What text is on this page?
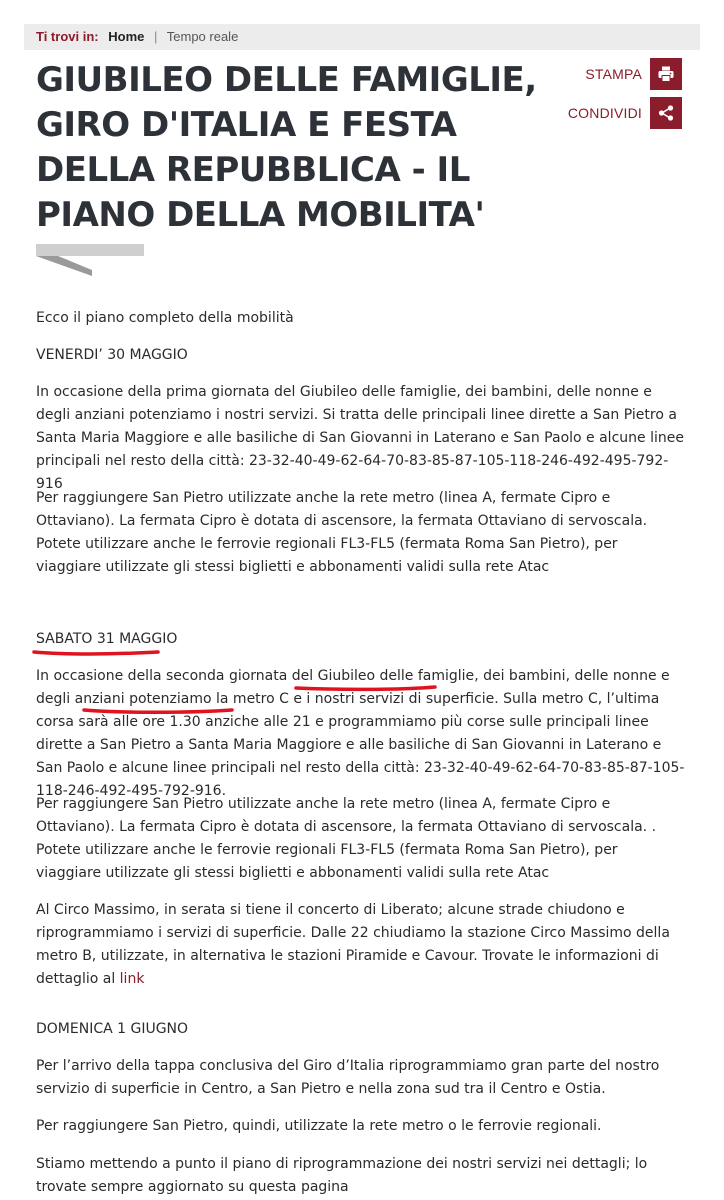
Ti trovi in: Home | Tempo reale
GIUBILEO DELLE FAMIGLIE, GIRO D'ITALIA E FESTA DELLA REPUBBLICA - IL PIANO DELLA MOBILITA'
STAMPA
CONDIVIDI

Ecco il piano completo della mobilità

VENERDI’ 30 MAGGIO

In occasione della prima giornata del Giubileo delle famiglie, dei bambini, delle nonne e degli anziani potenziamo i nostri servizi. Si tratta delle principali linee dirette a San Pietro a Santa Maria Maggiore e alle basiliche di San Giovanni in Laterano e San Paolo e alcune linee principali nel resto della città: 23-32-40-49-62-64-70-83-85-87-105-118-246-492-495-792-916

Per raggiungere San Pietro utilizzate anche la rete metro (linea A, fermate Cipro e Ottaviano). La fermata Cipro è dotata di ascensore, la fermata Ottaviano di servoscala. Potete utilizzare anche le ferrovie regionali FL3-FL5 (fermata Roma San Pietro), per viaggiare utilizzate gli stessi biglietti e abbonamenti validi sulla rete Atac

SABATO 31 MAGGIO

In occasione della seconda giornata del Giubileo delle famiglie, dei bambini, delle nonne e degli anziani potenziamo la metro C e i nostri servizi di superficie. Sulla metro C, l’ultima corsa sarà alle ore 1.30 anziche alle 21 e programmiamo più corse sulle principali linee dirette a San Pietro a Santa Maria Maggiore e alle basiliche di San Giovanni in Laterano e San Paolo e alcune linee principali nel resto della città: 23-32-40-49-62-64-70-83-85-87-105-118-246-492-495-792-916.

Per raggiungere San Pietro utilizzate anche la rete metro (linea A, fermate Cipro e Ottaviano). La fermata Cipro è dotata di ascensore, la fermata Ottaviano di servoscala. . Potete utilizzare anche le ferrovie regionali FL3-FL5 (fermata Roma San Pietro), per viaggiare utilizzate gli stessi biglietti e abbonamenti validi sulla rete Atac

Al Circo Massimo, in serata si tiene il concerto di Liberato; alcune strade chiudono e riprogrammiamo i servizi di superficie. Dalle 22 chiudiamo la stazione Circo Massimo della metro B, utilizzate, in alternativa le stazioni Piramide e Cavour. Trovate le informazioni di dettaglio al link

DOMENICA 1 GIUGNO

Per l’arrivo della tappa conclusiva del Giro d’Italia riprogrammiamo gran parte del nostro servizio di superficie in Centro, a San Pietro e nella zona sud tra il Centro e Ostia.

Per raggiungere San Pietro, quindi, utilizzate la rete metro o le ferrovie regionali.

Stiamo mettendo a punto il piano di riprogrammazione dei nostri servizi nei dettagli; lo trovate sempre aggiornato su questa pagina
